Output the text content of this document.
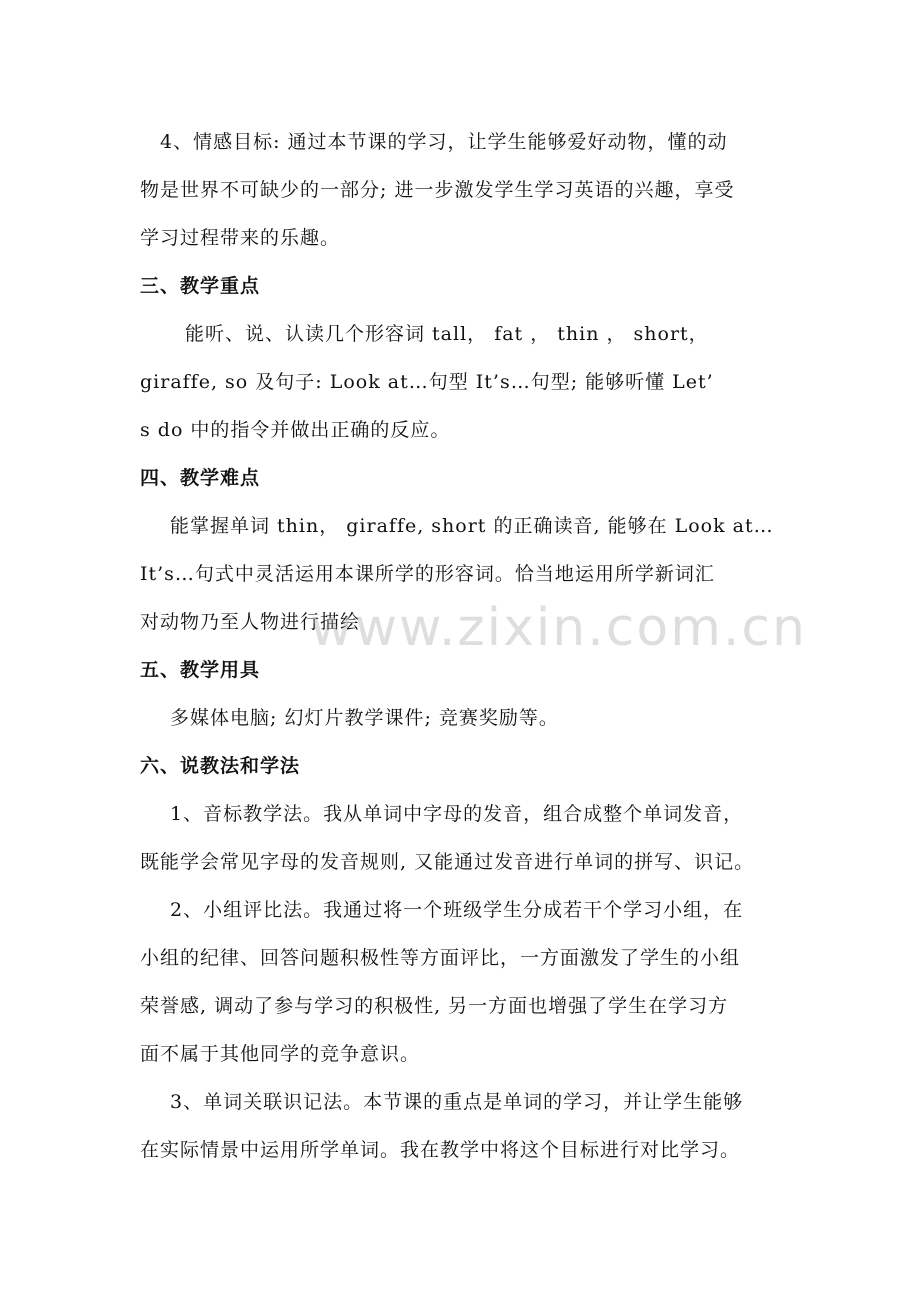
4、情感目标: 通过本节课的学习，让学生能够爱好动物，懂的动
物是世界不可缺少的一部分; 进一步激发学生学习英语的兴趣，享受
学习过程带来的乐趣。
三、教学重点
能听、说、认读几个形容词 tall， fat ， thin ， short，
giraffe, so 及句子: Look at…句型 It’s…句型; 能够听懂 Let’
s do 中的指令并做出正确的反应。
四、教学难点
能掌握单词 thin， giraffe, short 的正确读音, 能够在 Look at…
It’s…句式中灵活运用本课所学的形容词。恰当地运用所学新词汇
对动物乃至人物进行描绘
五、教学用具
多媒体电脑; 幻灯片教学课件; 竞赛奖励等。
六、说教法和学法
1、音标教学法。我从单词中字母的发音，组合成整个单词发音，
既能学会常见字母的发音规则, 又能通过发音进行单词的拼写、识记。
2、小组评比法。我通过将一个班级学生分成若干个学习小组，在
小组的纪律、回答问题积极性等方面评比，一方面激发了学生的小组
荣誉感, 调动了参与学习的积极性, 另一方面也增强了学生在学习方
面不属于其他同学的竞争意识。
3、单词关联识记法。本节课的重点是单词的学习，并让学生能够
在实际情景中运用所学单词。我在教学中将这个目标进行对比学习。
www.zixin.com.cn
